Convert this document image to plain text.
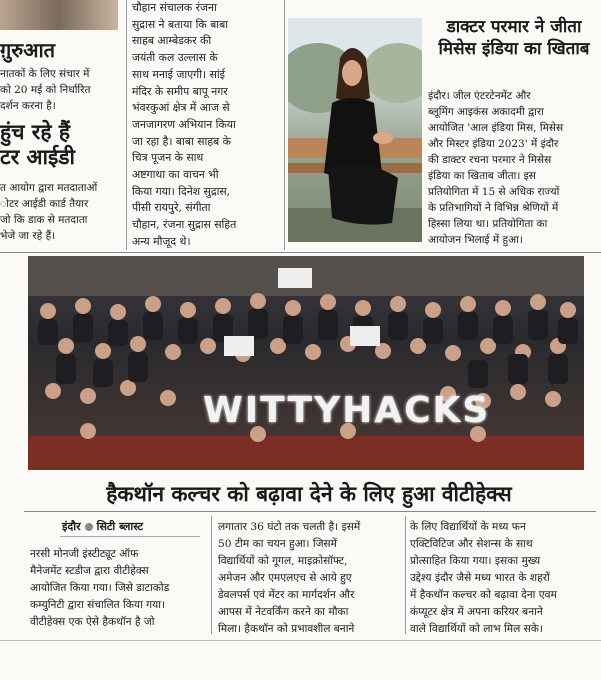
ग़ुरुआत
नातकों के लिए संचार में
को 20 मई को निर्धारित
दर्शन करना है।
हुंच रहे हैं
टर आईडी
त आयोग द्वारा मतदाताओं
ोटर आईडी कार्ड तैयार
जो कि डाक से मतदाता
भेजे जा रहे हैं।
चौहान संचालक रंजना
सुद्रास ने बताया कि बाबा
साहब आम्बेडकर की
जयंती कल उल्लास के
साथ मनाई जाएगी। सांई
मंदिर के समीप बापू नगर
भंवरकुआं क्षेत्र में आज से
जनजागरण अभियान किया
जा रहा है। बाबा साहब के
चित्र पूजन के साथ
अष्टगाथा का वाचन भी
किया गया। दिनेश सुद्रास,
पीसी रायपुरे, संगीता
चौहान, रंजना सुद्रास सहित
अन्य मौजूद थे।
डाक्टर परमार ने जीता मिसेस इंडिया का खिताब
इंदौर। जील एंटरटेनमेंट और
ब्लूमिंग आइकंस अकादमी द्वारा
आयोजित 'आल इंडिया मिस, मिसेस
और मिस्टर इंडिया 2023' में इंदौर
की डाक्टर रचना परमार ने मिसेस
इंडिया का खिताब जीता। इस
प्रतियोगिता में 15 से अधिक राज्यों
के प्रतिभागियों ने विभिन्न श्रेणियों में
हिस्सा लिया था। प्रतियोगिता का
आयोजन भिलाई में हुआ।
WITTYHACKS
हैकथॉन कल्चर को बढ़ावा देने के लिए हुआ वीटीहेक्स
इंदौर सिटी ब्लास्ट
नरसी मोनजी इंस्टीट्यूट ऑफ
मैनेजमेंट स्टडीज द्वारा वीटीहेक्स
आयोजित किया गया। जिसे डाटाकोड
कम्युनिटी द्वारा संचालित किया गया।
वीटीहेक्स एक ऐसे हैकथॉन है जो
लगातार 36 घंटो तक चलती है। इसमें
50 टीम का चयन हुआ। जिसमें
विद्यार्थियों को गूगल, माइक्रोसॉफ्ट,
अमेजन और एमएलएच से आये हुए
डेवलपर्स एवं मेंटर का मार्गदर्शन और
आपस में नेटवर्किंग करने का मौका
मिला। हैकथॉन को प्रभावशील बनाने
के लिए विद्यार्थियों के मध्य फन
एक्टिविटिज और सेशन्स के साथ
प्रोत्साहित किया गया। इसका मुख्य
उद्देश्य इंदौर जैसे मध्य भारत के शहरों
में हैकथॉन कल्चर को बढ़ावा देना एवम
कंप्यूटर क्षेत्र में अपना करियर बनाने
वाले विद्यार्थियों को लाभ मिल सके।
